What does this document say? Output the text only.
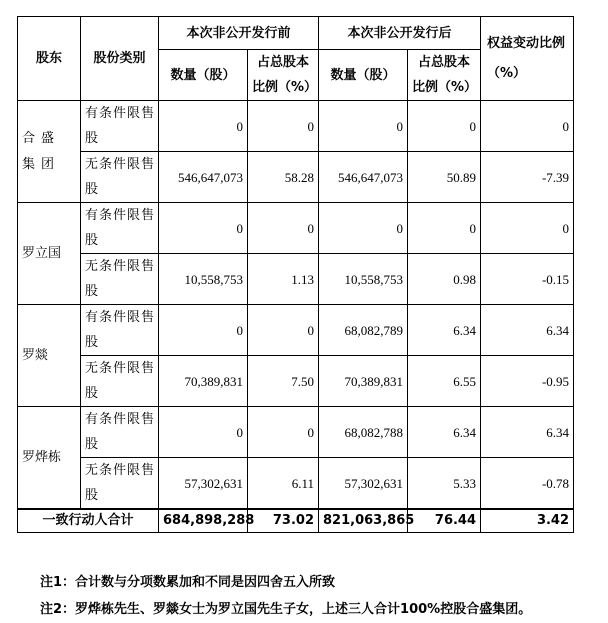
股东	股份类别	本次非公开发行前		本次非公开发行后		权益变动比例（%）
		数量（股）	占总股本比例（%）	数量（股）	占总股本比例（%）	
合盛集团	有条件限售股	0	0	0	0	0
	无条件限售股	546,647,073	58.28	546,647,073	50.89	-7.39
罗立国	有条件限售股	0	0	0	0	0
	无条件限售股	10,558,753	1.13	10,558,753	0.98	-0.15
罗燚	有条件限售股	0	0	68,082,789	6.34	6.34
	无条件限售股	70,389,831	7.50	70,389,831	6.55	-0.95
罗烨栋	有条件限售股	0	0	68,082,788	6.34	6.34
	无条件限售股	57,302,631	6.11	57,302,631	5.33	-0.78
一致行动人合计		684,898,288	73.02	821,063,865	76.44	3.42
注1：合计数与分项数累加和不同是因四舍五入所致
注2：罗烨栋先生、罗燚女士为罗立国先生子女，上述三人合计100%控股合盛集团。
